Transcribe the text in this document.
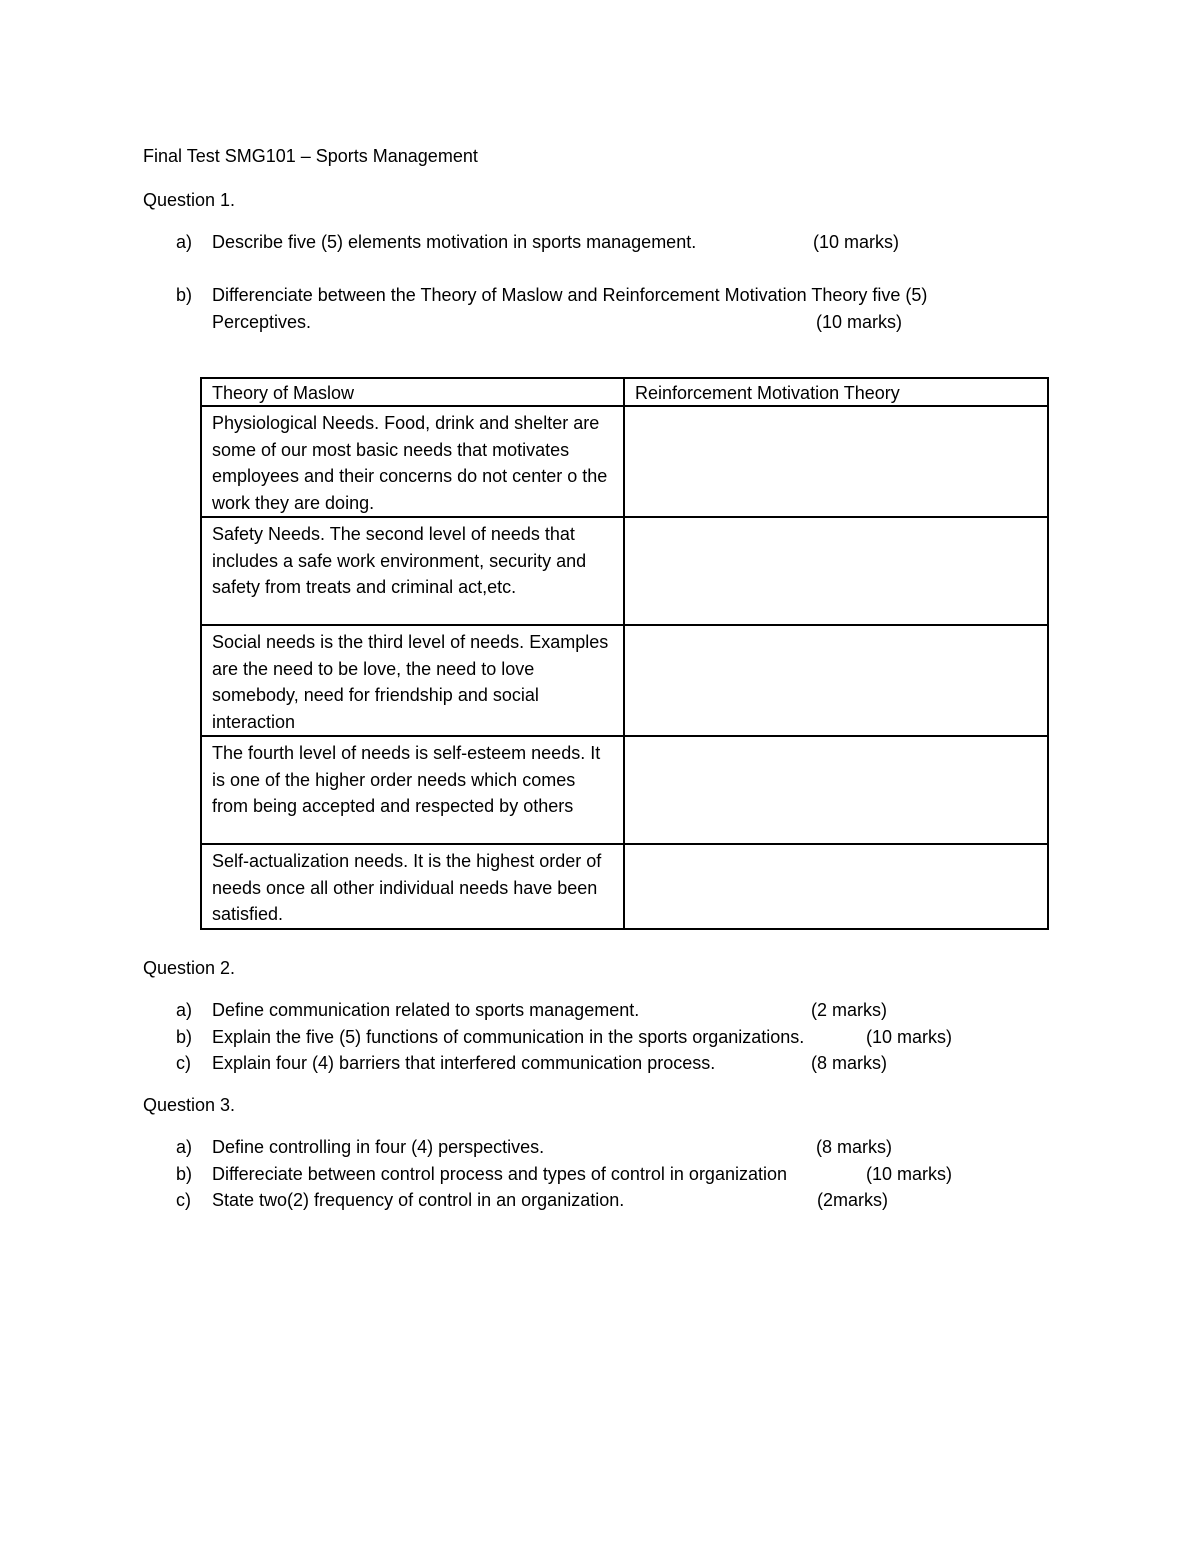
Final Test SMG101 – Sports Management
Question 1.
a) Describe five (5) elements motivation in sports management.	(10 marks)
b) Differenciate between the Theory of Maslow and Reinforcement Motivation Theory five (5)
Perceptives.	(10 marks)
Theory of Maslow	Reinforcement Motivation Theory
Physiological Needs. Food, drink and shelter are some of our most basic needs that motivates employees and their concerns do not center o the work they are doing.	
Safety Needs. The second level of needs that includes a safe work environment, security and safety from treats and criminal act,etc.	
Social needs is the third level of needs. Examples are the need to be love, the need to love somebody, need for friendship and social interaction	
The fourth level of needs is self-esteem needs. It is one of the higher order needs which comes from being accepted and respected by others	
Self-actualization needs. It is the highest order of needs once all other individual needs have been satisfied.	
Question 2.
a) Define communication related to sports management.	(2 marks)
b) Explain the five (5) functions of communication in the sports organizations.	(10 marks)
c) Explain four (4) barriers that interfered communication process.	(8 marks)
Question 3.
a) Define controlling in four (4) perspectives.	(8 marks)
b) Differeciate between control process and types of control in organization	(10 marks)
c) State two(2) frequency of control in an organization.	(2marks)
